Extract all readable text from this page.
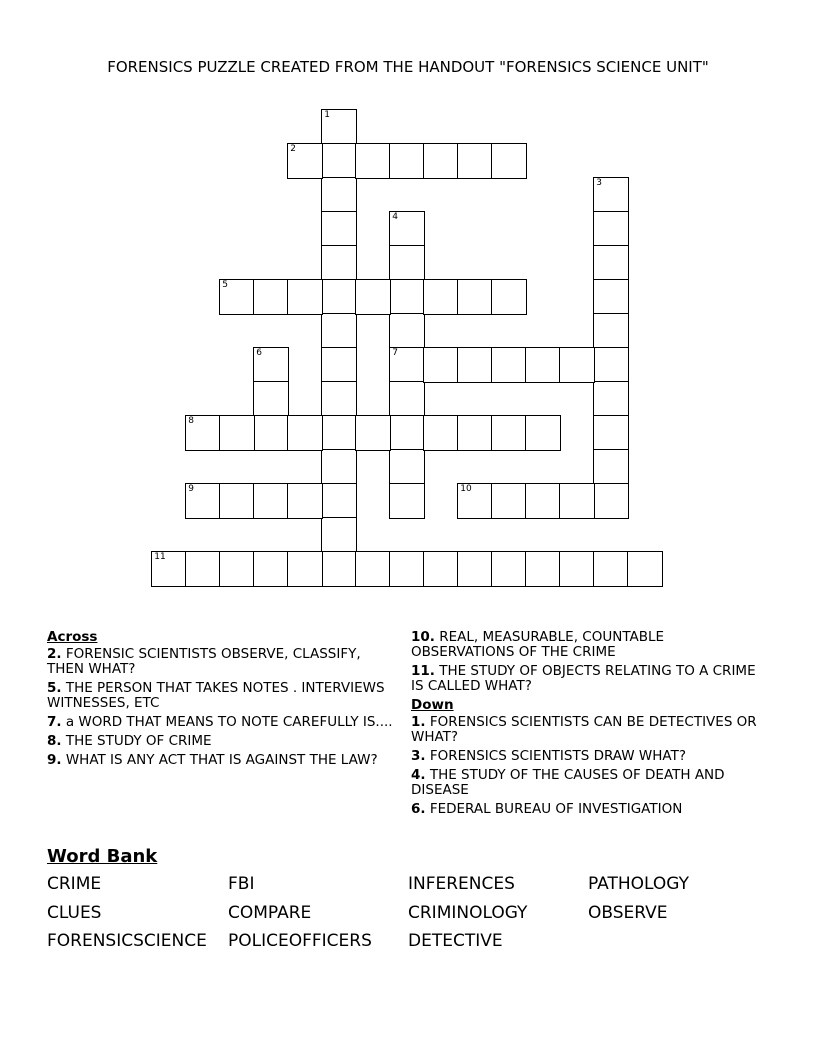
FORENSICS PUZZLE CREATED FROM THE HANDOUT "FORENSICS SCIENCE UNIT"
1
2
3
4
7
5
6
8
9	10
11
Across
2. FORENSIC SCIENTISTS OBSERVE, CLASSIFY, THEN WHAT?
5. THE PERSON THAT TAKES NOTES . INTERVIEWS WITNESSES, ETC
7. a WORD THAT MEANS TO NOTE CAREFULLY IS....
8. THE STUDY OF CRIME
9. WHAT IS ANY ACT THAT IS AGAINST THE LAW?
10. REAL, MEASURABLE, COUNTABLE OBSERVATIONS OF THE CRIME
11. THE STUDY OF OBJECTS RELATING TO A CRIME IS CALLED WHAT?
Down
1. FORENSICS SCIENTISTS CAN BE DETECTIVES OR WHAT?
3. FORENSICS SCIENTISTS DRAW WHAT?
4. THE STUDY OF THE CAUSES OF DEATH AND DISEASE
6. FEDERAL BUREAU OF INVESTIGATION
Word Bank
CRIME	FBI	INFERENCES	PATHOLOGY
CLUES	COMPARE	CRIMINOLOGY	OBSERVE
FORENSICSCIENCE POLICEOFFICERS DETECTIVE
